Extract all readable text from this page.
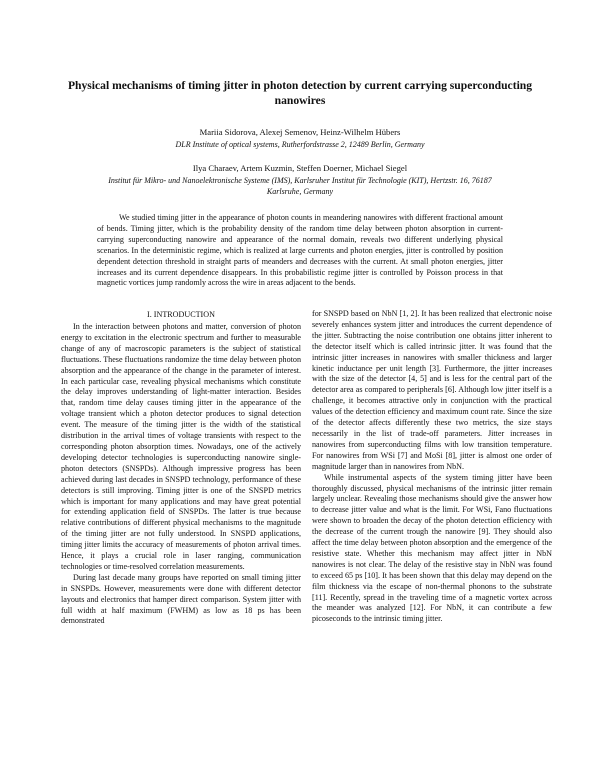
Physical mechanisms of timing jitter in photon detection by current carrying superconducting nanowires
Mariia Sidorova, Alexej Semenov, Heinz-Wilhelm Hübers
DLR Institute of optical systems, Rutherfordstrasse 2, 12489 Berlin, Germany
Ilya Charaev, Artem Kuzmin, Steffen Doerner, Michael Siegel
Institut für Mikro- und Nanoelektronische Systeme (IMS), Karlsruher Institut für Technologie (KIT), Hertzstr. 16, 76187
Karlsruhe, Germany
We studied timing jitter in the appearance of photon counts in meandering nanowires with different fractional amount of bends. Timing jitter, which is the probability density of the random time delay between photon absorption in current-carrying superconducting nanowire and appearance of the normal domain, reveals two different underlying physical scenarios. In the deterministic regime, which is realized at large currents and photon energies, jitter is controlled by position dependent detection threshold in straight parts of meanders and decreases with the current. At small photon energies, jitter increases and its current dependence disappears. In this probabilistic regime jitter is controlled by Poisson process in that magnetic vortices jump randomly across the wire in areas adjacent to the bends.
I. INTRODUCTION

In the interaction between photons and matter, conversion of photon energy to excitation in the electronic spectrum and further to measurable change of any of macroscopic parameters is the subject of statistical fluctuations. These fluctuations randomize the time delay between photon absorption and the appearance of the change in the parameter of interest. In each particular case, revealing physical mechanisms which constitute the delay improves understanding of light-matter interaction. Besides that, random time delay causes timing jitter in the appearance of the voltage transient which a photon detector produces to signal detection event. The measure of the timing jitter is the width of the statistical distribution in the arrival times of voltage transients with respect to the corresponding photon absorption times. Nowadays, one of the actively developing detector technologies is superconducting nanowire single-photon detectors (SNSPDs). Although impressive progress has been achieved during last decades in SNSPD technology, performance of these detectors is still improving. Timing jitter is one of the SNSPD metrics which is important for many applications and may have great potential for extending application field of SNSPDs. The latter is true because relative contributions of different physical mechanisms to the magnitude of the timing jitter are not fully understood. In SNSPD applications, timing jitter limits the accuracy of measurements of photon arrival times. Hence, it plays a crucial role in laser ranging, communication technologies or time-resolved correlation measurements.

During last decade many groups have reported on small timing jitter in SNSPDs. However, measurements were done with different detector layouts and electronics that hamper direct comparison. System jitter with full width at half maximum (FWHM) as low as 18 ps has been demonstrated

for SNSPD based on NbN [1, 2]. It has been realized that electronic noise severely enhances system jitter and introduces the current dependence of the jitter. Subtracting the noise contribution one obtains jitter inherent to the detector itself which is called intrinsic jitter. It was found that the intrinsic jitter increases in nanowires with smaller thickness and larger kinetic inductance per unit length [3]. Furthermore, the jitter increases with the size of the detector [4, 5] and is less for the central part of the detector area as compared to peripherals [6]. Although low jitter itself is a challenge, it becomes attractive only in conjunction with the practical values of the detection efficiency and maximum count rate. Since the size of the detector affects differently these two metrics, the size stays necessarily in the list of trade-off parameters. Jitter increases in nanowires from superconducting films with low transition temperature. For nanowires from WSi [7] and MoSi [8], jitter is almost one order of magnitude larger than in nanowires from NbN.

While instrumental aspects of the system timing jitter have been thoroughly discussed, physical mechanisms of the intrinsic jitter remain largely unclear. Revealing those mechanisms should give the answer how to decrease jitter value and what is the limit. For WSi, Fano fluctuations were shown to broaden the decay of the photon detection efficiency with the decrease of the current trough the nanowire [9]. They should also affect the time delay between photon absorption and the emergence of the resistive state. Whether this mechanism may affect jitter in NbN nanowires is not clear. The delay of the resistive stay in NbN was found to exceed 65 ps [10]. It has been shown that this delay may depend on the film thickness via the escape of non-thermal phonons to the substrate [11]. Recently, spread in the traveling time of a magnetic vortex across the meander was analyzed [12]. For NbN, it can contribute a few picoseconds to the intrinsic timing jitter.
